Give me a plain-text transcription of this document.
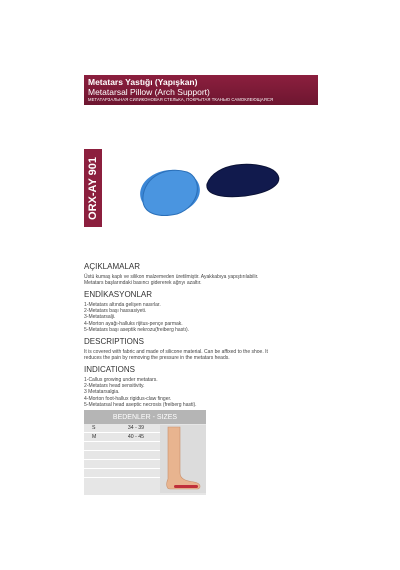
Metatars Yastığı (Yapışkan)
Metatarsal Pillow (Arch Support)
МЕТАТАРЗАЛЬНАЯ СИЛИКОНОВАЯ СТЕЛЬКА, ПОКРЫТАЯ ТКАНЬЮ САМОКЛЕЮЩАЯСЯ
ORX-AY 901
AÇIKLAMALAR
Üstü kumaş kaplı ve silikon malzemeden üretilmiştir. Ayakkabıya yapıştırılabilir.
Metatars başlarındaki basıncı gidererek ağrıyı azaltır.
ENDİKASYONLAR
1-Metatars altında gelişen nasırlar.
2-Metatars başı hassasiyeti.
3-Metatarsalji.
4-Morton ayağı-halluks rijitus-pençe parmak.
5-Metatars başı aseptik nekrozu(freiberg hastı).
DESCRIPTIONS
It is covered with fabric and made of silicone material. Can be affixed to the shoe. It
reduces the pain by removing the pressure in the metatars heads.
INDICATIONS
1-Callus growing under metatars.
2-Metatars head sensitivity.
3 Metatarsalgia.
4-Morton foot-hallux rigidus-claw finger.
5-Metatarsal head aseptic necrosis (freiberg hasti).
BEDENLER - SIZES
S	34 - 39
M	40 - 45
